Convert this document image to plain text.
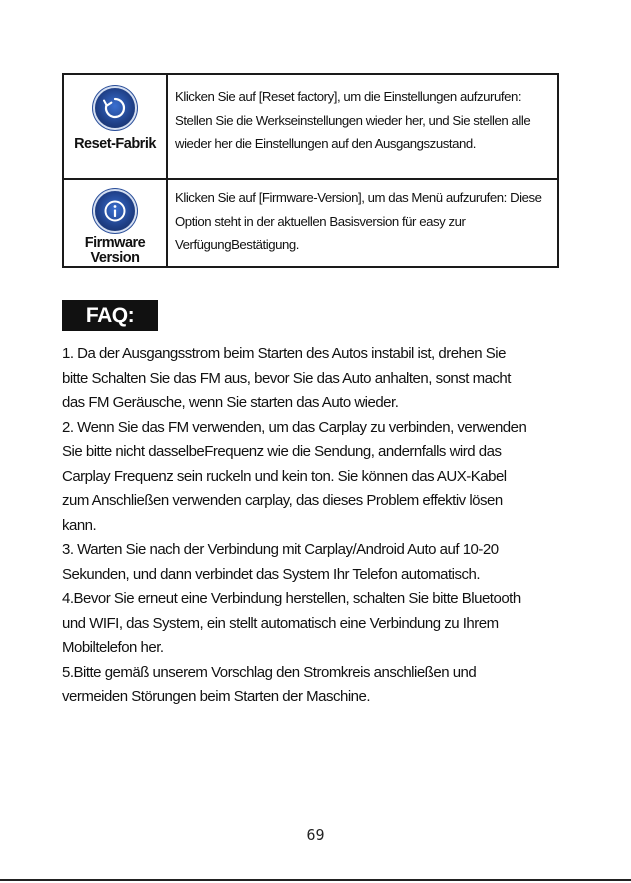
Reset-Fabrik
Klicken Sie auf [Reset factory], um die Einstellungen aufzurufen: Stellen Sie die Werkseinstellungen wieder her, und Sie stellen alle wieder her die Einstellungen auf den Ausgangszustand.
Firmware Version
Klicken Sie auf [Firmware-Version], um das Menü aufzurufen: Diese Option steht in der aktuellen Basisversion für easy zur VerfügungBestätigung.
FAQ:

1. Da der Ausgangsstrom beim Starten des Autos instabil ist, drehen Sie
bitte Schalten Sie das FM aus, bevor Sie das Auto anhalten, sonst macht
das FM Geräusche, wenn Sie starten das Auto wieder.

2. Wenn Sie das FM verwenden, um das Carplay zu verbinden, verwenden
Sie bitte nicht dasselbeFrequenz wie die Sendung, andernfalls wird das
Carplay Frequenz sein ruckeln und kein ton. Sie können das AUX-Kabel
zum Anschließen verwenden carplay, das dieses Problem effektiv lösen
kann.

3. Warten Sie nach der Verbindung mit Carplay/Android Auto auf 10-20
Sekunden, und dann verbindet das System Ihr Telefon automatisch.

4.Bevor Sie erneut eine Verbindung herstellen, schalten Sie bitte Bluetooth
und WIFI, das System, ein stellt automatisch eine Verbindung zu Ihrem
Mobiltelefon her.

5.Bitte gemäß unserem Vorschlag den Stromkreis anschließen und
vermeiden Störungen beim Starten der Maschine.

69
